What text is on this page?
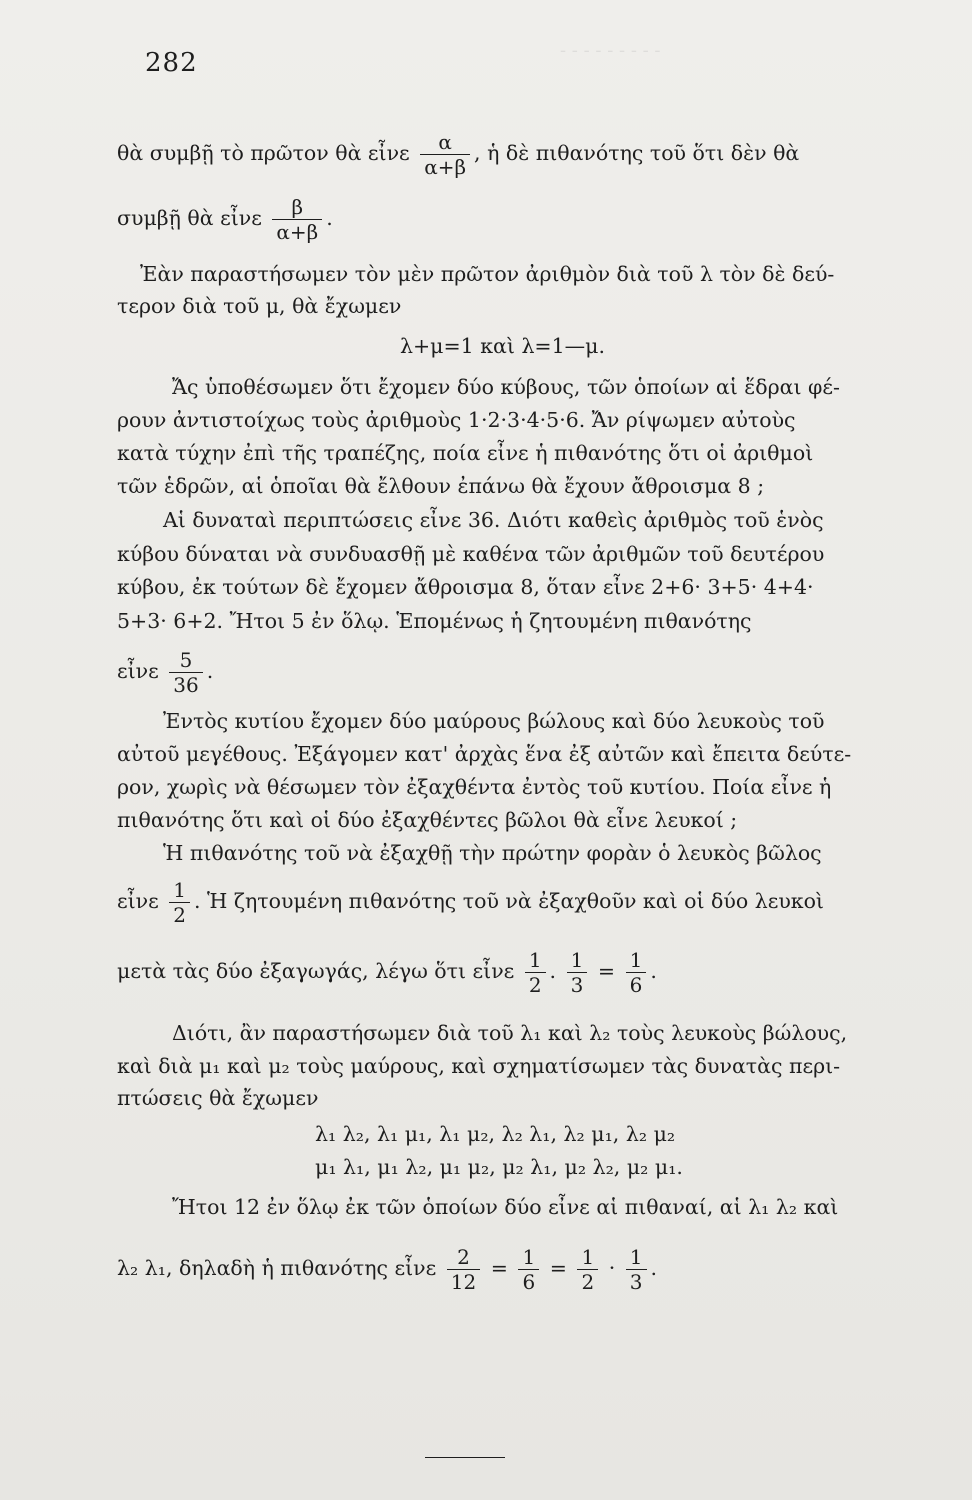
282	- - - - - - - - -
θὰ συμβῇ τὸ πρῶτον θὰ εἶνε $\frac{\alpha}{\alpha+\beta}$ , ἡ δὲ πιθανότης τοῦ ὅτι δὲν θὰ
συμβῇ θὰ εἶνε $\frac{\beta}{\alpha+\beta}$ .
Ἐὰν παραστήσωμεν τὸν μὲν πρῶτον ἀριθμὸν διὰ τοῦ λ τὸν δὲ δεύ-
τερον διὰ τοῦ μ, θὰ ἔχωμεν
λ+μ=1 καὶ λ=1—μ.
Ἄς ὑποθέσωμεν ὅτι ἔχομεν δύο κύβους, τῶν ὁποίων αἱ ἕδραι φέ-
ρουν ἀντιστοίχως τοὺς ἀριθμοὺς 1·2·3·4·5·6. Ἄν ρίψωμεν αὐτοὺς
κατὰ τύχην ἐπὶ τῆς τραπέζης, ποία εἶνε ἡ πιθανότης ὅτι οἱ ἀριθμοὶ
τῶν ἑδρῶν, αἱ ὁποῖαι θὰ ἔλθουν ἐπάνω θὰ ἔχουν ἄθροισμα 8 ;
Αἱ δυναταὶ περιπτώσεις εἶνε 36. Διότι καθεὶς ἀριθμὸς τοῦ ἑνὸς
κύβου δύναται νὰ συνδυασθῇ μὲ καθένα τῶν ἀριθμῶν τοῦ δευτέρου
κύβου, ἐκ τούτων δὲ ἔχομεν ἄθροισμα 8, ὅταν εἶνε 2+6· 3+5· 4+4·
5+3· 6+2. Ἤτοι 5 ἐν ὅλῳ. Ἑπομένως ἡ ζητουμένη πιθανότης
εἶνε $\frac{5}{36}$ .
Ἐντὸς κυτίου ἔχομεν δύο μαύρους βώλους καὶ δύο λευκοὺς τοῦ
αὐτοῦ μεγέθους. Ἐξάγομεν κατ' ἀρχὰς ἕνα ἐξ αὐτῶν καὶ ἔπειτα δεύτε-
ρον, χωρὶς νὰ θέσωμεν τὸν ἐξαχθέντα ἐντὸς τοῦ κυτίου. Ποία εἶνε ἡ
πιθανότης ὅτι καὶ οἱ δύο ἐξαχθέντες βῶλοι θὰ εἶνε λευκοί ;
Ἡ πιθανότης τοῦ νὰ ἐξαχθῇ τὴν πρώτην φορὰν ὁ λευκὸς βῶλος
εἶνε $\frac{1}{2}$ . Ἡ ζητουμένη πιθανότης τοῦ νὰ ἐξαχθοῦν καὶ οἱ δύο λευκοὶ
μετὰ τὰς δύο ἐξαγωγάς, λέγω ὅτι εἶνε $\frac{1}{2}$ . $\frac{1}{3} = \frac{1}{6}$ .
Διότι, ἂν παραστήσωμεν διὰ τοῦ λ₁ καὶ λ₂ τοὺς λευκοὺς βώλους,
καὶ διὰ μ₁ καὶ μ₂ τοὺς μαύρους, καὶ σχηματίσωμεν τὰς δυνατὰς περι-
πτώσεις θὰ ἔχωμεν
λ₁ λ₂, λ₁ μ₁, λ₁ μ₂, λ₂ λ₁, λ₂ μ₁, λ₂ μ₂
μ₁ λ₁, μ₁ λ₂, μ₁ μ₂, μ₂ λ₁, μ₂ λ₂, μ₂ μ₁.
Ἤτοι 12 ἐν ὅλῳ ἐκ τῶν ὁποίων δύο εἶνε αἱ πιθαναί, αἱ λ₁ λ₂ καὶ
λ₂ λ₁, δηλαδὴ ἡ πιθανότης εἶνε $\frac{2}{12} = \frac{1}{6} = \frac{1}{2} \cdot \frac{1}{3}$ .
